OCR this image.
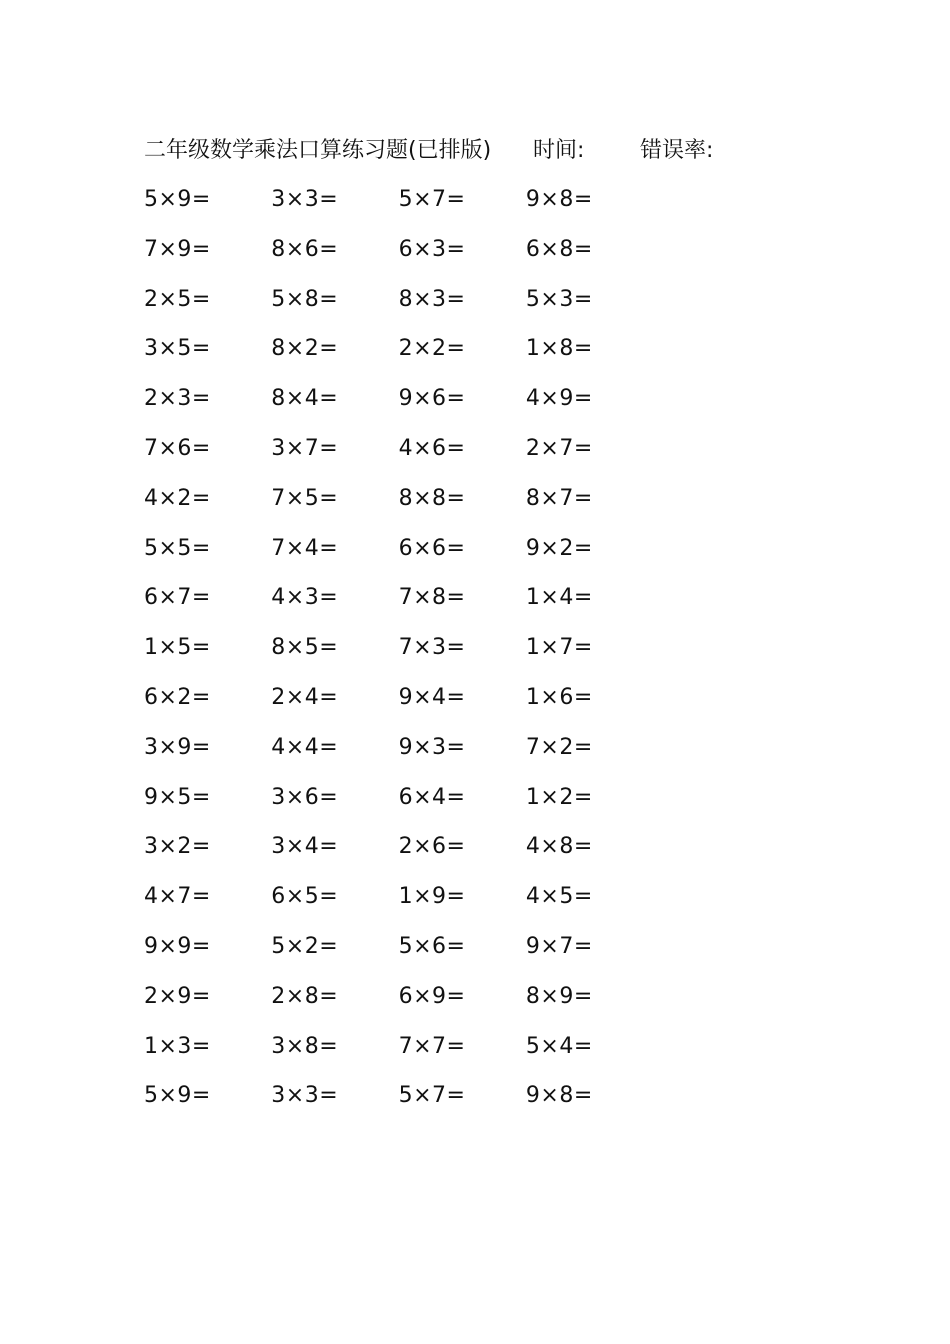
二年级数学乘法口算练习题(已排版) 时间:	错误率:
5×9=	3×3=	5×7=	9×8=
7×9=	8×6=	6×3=	6×8=
2×5=	5×8=	8×3=	5×3=
3×5=	8×2=	2×2=	1×8=
2×3=	8×4=	9×6=	4×9=
7×6=	3×7=	4×6=	2×7=
4×2=	7×5=	8×8=	8×7=
5×5=	7×4=	6×6=	9×2=
6×7=	4×3=	7×8=	1×4=
1×5=	8×5=	7×3=	1×7=
6×2=	2×4=	9×4=	1×6=
3×9=	4×4=	9×3=	7×2=
9×5=	3×6=	6×4=	1×2=
3×2=	3×4=	2×6=	4×8=
4×7=	6×5=	1×9=	4×5=
9×9=	5×2=	5×6=	9×7=
2×9=	2×8=	6×9=	8×9=
1×3=	3×8=	7×7=	5×4=
5×9=	3×3=	5×7=	9×8=
